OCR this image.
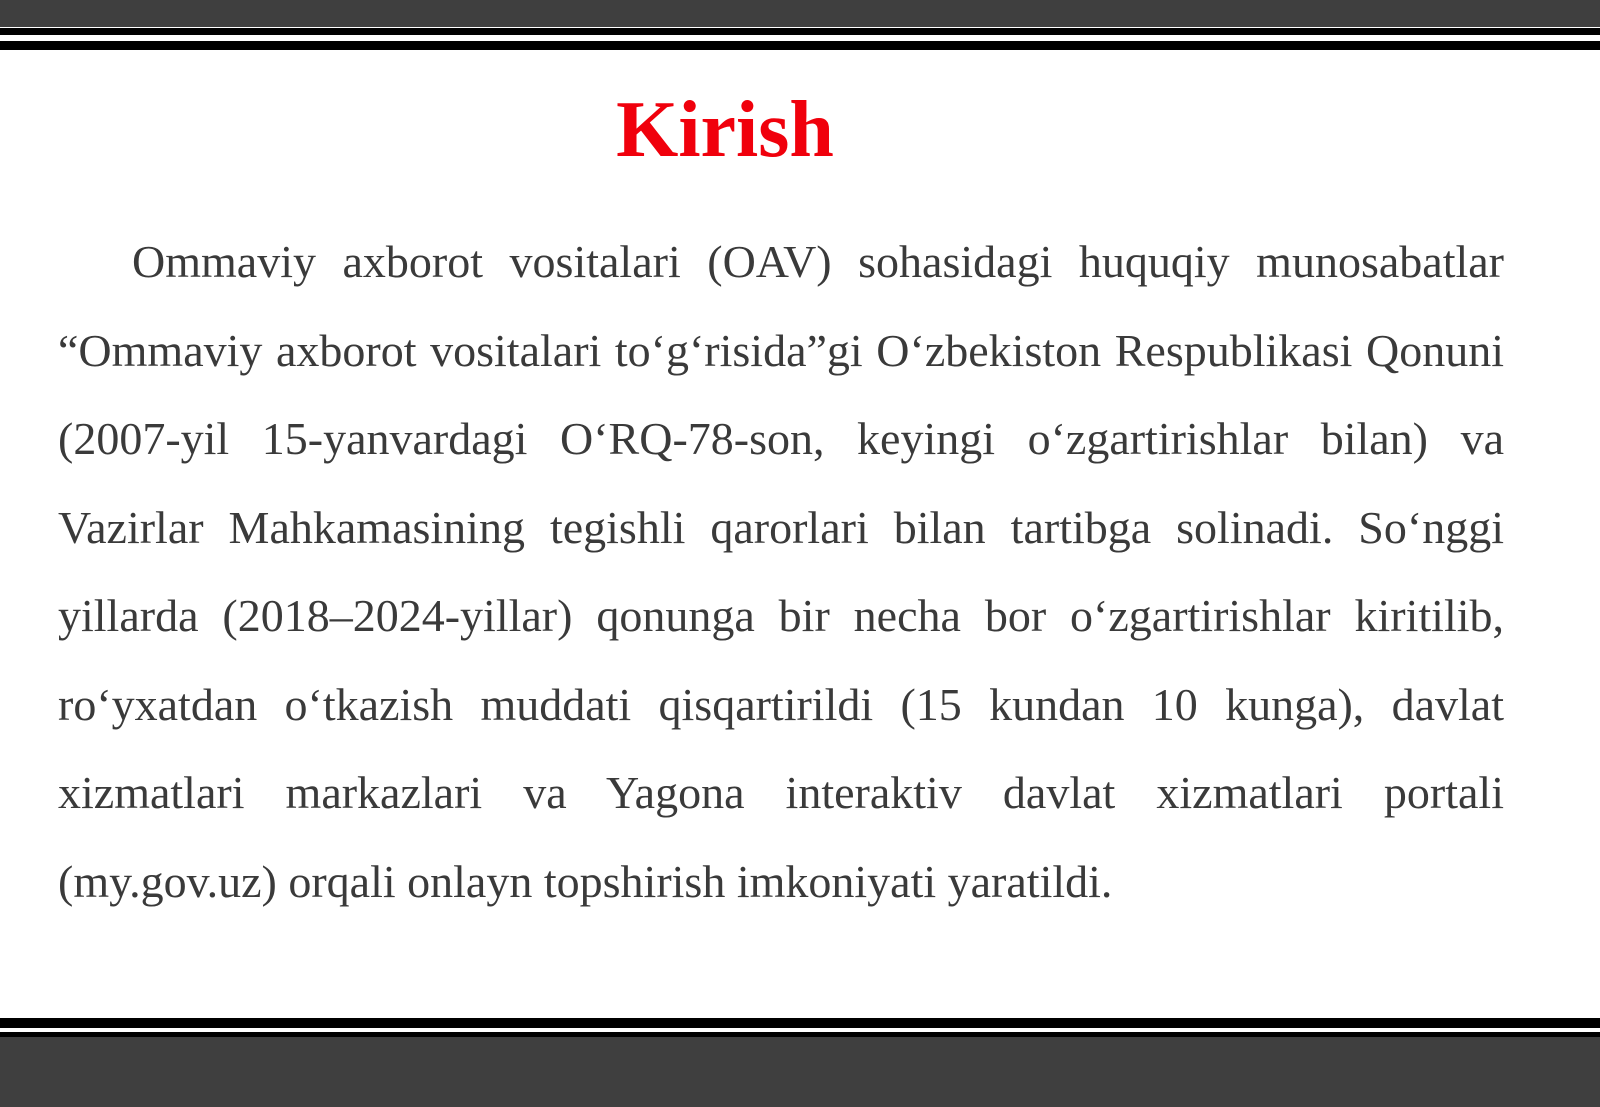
Kirish

Ommaviy axborot vositalari (OAV) sohasidagi huquqiy munosabatlar “Ommaviy axborot vositalari to‘g‘risida”gi O‘zbekiston Respublikasi Qonuni (2007-yil 15-yanvardagi O‘RQ-78-son, keyingi o‘zgartirishlar bilan) va Vazirlar Mahkamasining tegishli qarorlari bilan tartibga solinadi. So‘nggi yillarda (2018–2024-yillar) qonunga bir necha bor o‘zgartirishlar kiritilib, ro‘yxatdan o‘tkazish muddati qisqartirildi (15 kundan 10 kunga), davlat xizmatlari markazlari va Yagona interaktiv davlat xizmatlari portali (my.gov.uz) orqali onlayn topshirish imkoniyati yaratildi.
